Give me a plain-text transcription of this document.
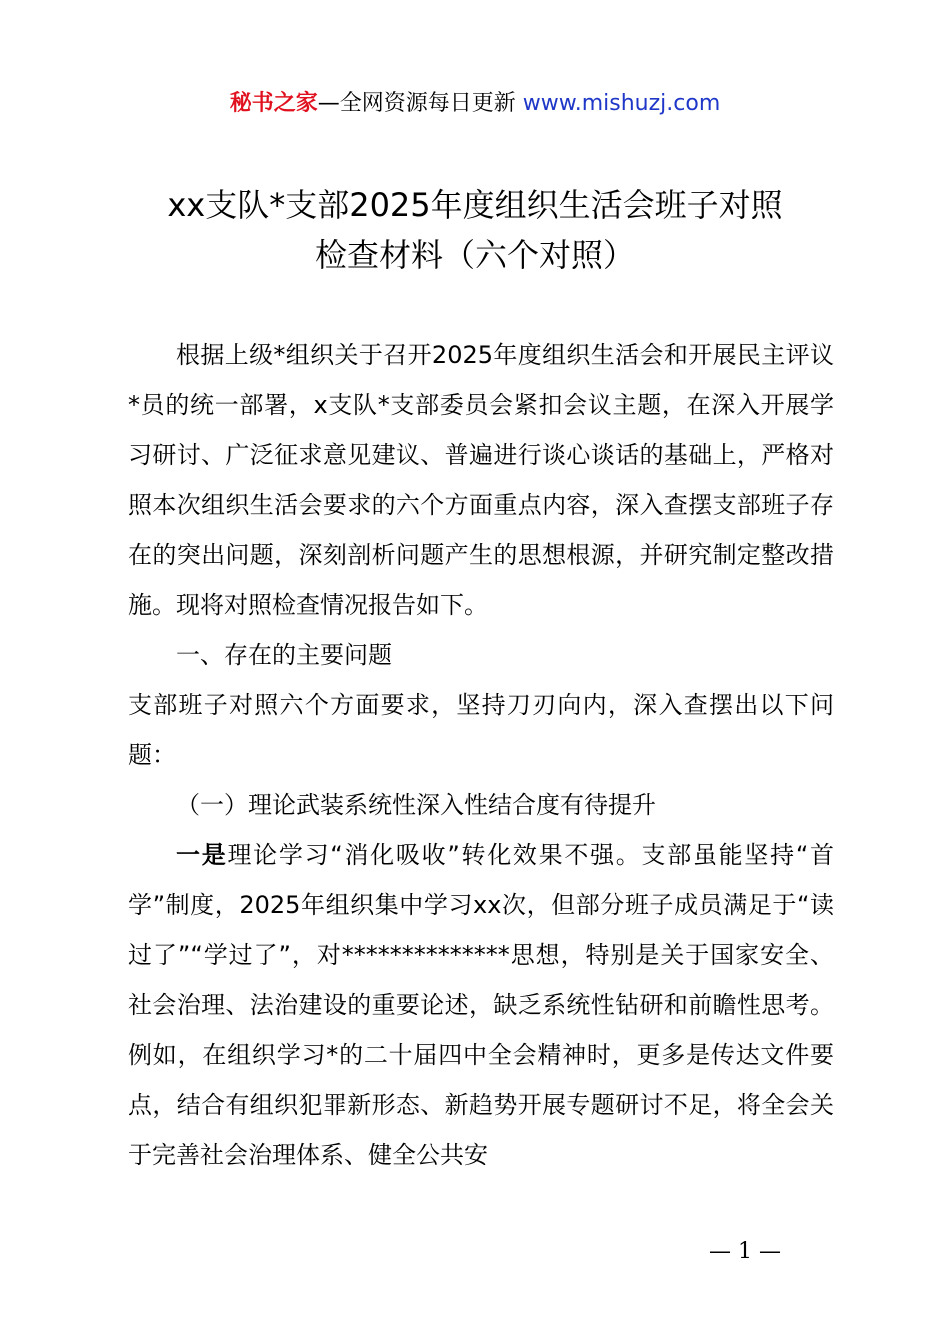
秘书之家—全网资源每日更新 www.mishuzj.com
xx支队*支部2025年度组织生活会班子对照
检查材料（六个对照）

根据上级*组织关于召开2025年度组织生活会和开展民主评议*员的统一部署，x支队*支部委员会紧扣会议主题，在深入开展学习研讨、广泛征求意见建议、普遍进行谈心谈话的基础上，严格对照本次组织生活会要求的六个方面重点内容，深入查摆支部班子存在的突出问题，深刻剖析问题产生的思想根源，并研究制定整改措施。现将对照检查情况报告如下。

一、存在的主要问题

支部班子对照六个方面要求，坚持刀刃向内，深入查摆出以下问题：

（一）理论武装系统性深入性结合度有待提升

一是理论学习“消化吸收”转化效果不强。支部虽能坚持“首学”制度，2025年组织集中学习xx次，但部分班子成员满足于“读过了”“学过了”，对**************思想，特别是关于国家安全、社会治理、法治建设的重要论述，缺乏系统性钻研和前瞻性思考。例如，在组织学习*的二十届四中全会精神时，更多是传达文件要点，结合有组织犯罪新形态、新趋势开展专题研讨不足，将全会关于完善社会治理体系、健全公共安

— 1 —
